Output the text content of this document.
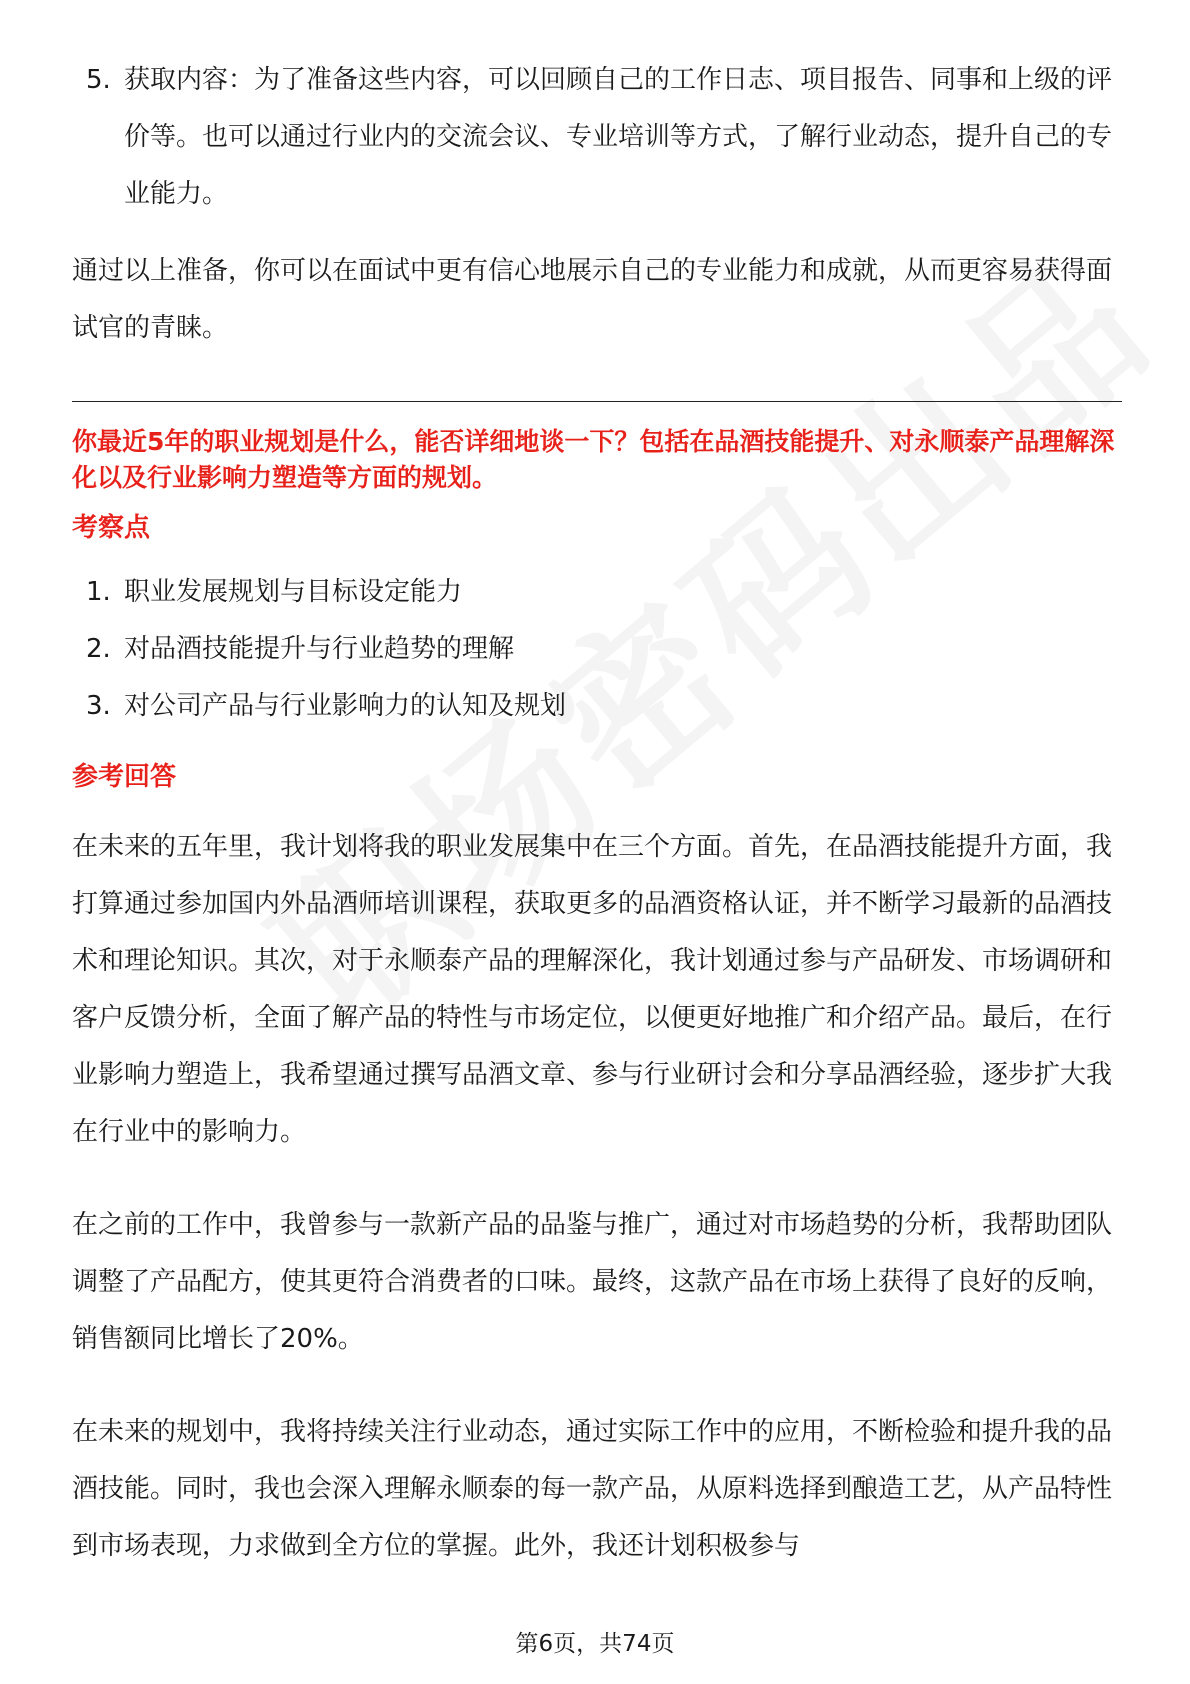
5. 获取内容：为了准备这些内容，可以回顾自己的工作日志、项目报告、同事和上级的评价等。也可以通过行业内的交流会议、专业培训等方式，了解行业动态，提升自己的专业能力。

通过以上准备，你可以在面试中更有信心地展示自己的专业能力和成就，从而更容易获得面试官的青睐。

你最近5年的职业规划是什么，能否详细地谈一下？包括在品酒技能提升、对永顺泰产品理解深化以及行业影响力塑造等方面的规划。

考察点

1. 职业发展规划与目标设定能力
2. 对品酒技能提升与行业趋势的理解
3. 对公司产品与行业影响力的认知及规划

参考回答

在未来的五年里，我计划将我的职业发展集中在三个方面。首先，在品酒技能提升方面，我打算通过参加国内外品酒师培训课程，获取更多的品酒资格认证，并不断学习最新的品酒技术和理论知识。其次，对于永顺泰产品的理解深化，我计划通过参与产品研发、市场调研和客户反馈分析，全面了解产品的特性与市场定位，以便更好地推广和介绍产品。最后，在行业影响力塑造上，我希望通过撰写品酒文章、参与行业研讨会和分享品酒经验，逐步扩大我在行业中的影响力。

在之前的工作中，我曾参与一款新产品的品鉴与推广，通过对市场趋势的分析，我帮助团队调整了产品配方，使其更符合消费者的口味。最终，这款产品在市场上获得了良好的反响，销售额同比增长了20%。

在未来的规划中，我将持续关注行业动态，通过实际工作中的应用，不断检验和提升我的品酒技能。同时，我也会深入理解永顺泰的每一款产品，从原料选择到酿造工艺，从产品特性到市场表现，力求做到全方位的掌握。此外，我还计划积极参与

第6页，共74页
